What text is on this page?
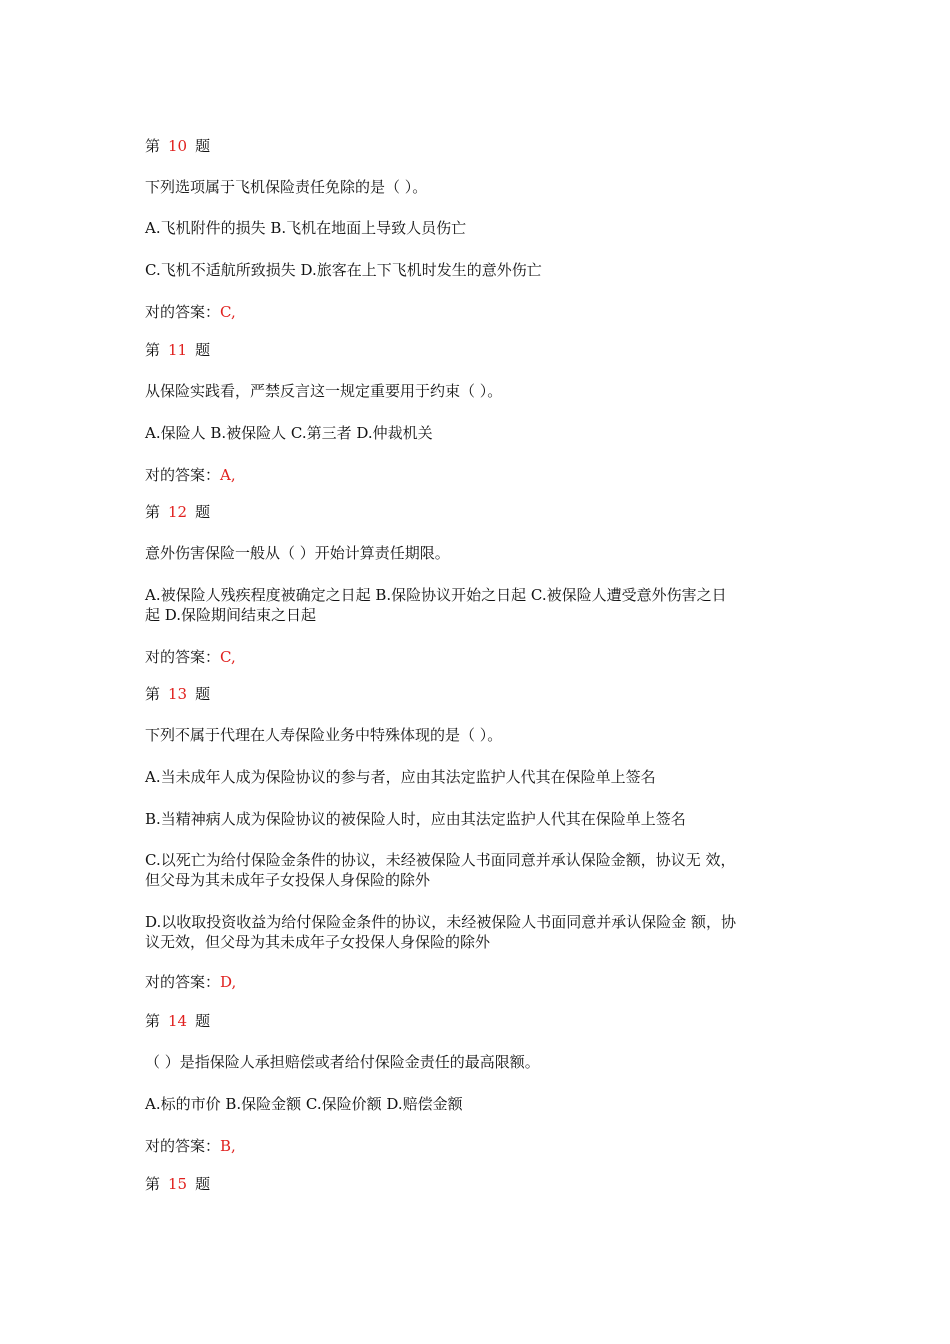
第 10 题
下列选项属于飞机保险责任免除的是（ ）。
A.飞机附件的损失 B.飞机在地面上导致人员伤亡
C.飞机不适航所致损失 D.旅客在上下飞机时发生的意外伤亡
对的答案：C,
第 11 题
从保险实践看，严禁反言这一规定重要用于约束（ ）。
A.保险人 B.被保险人 C.第三者 D.仲裁机关
对的答案：A,
第 12 题
意外伤害保险一般从（ ）开始计算责任期限。
A.被保险人残疾程度被确定之日起 B.保险协议开始之日起 C.被保险人遭受意外伤害之日
起 D.保险期间结束之日起
对的答案：C,
第 13 题
下列不属于代理在人寿保险业务中特殊体现的是（ ）。
A.当未成年人成为保险协议的参与者，应由其法定监护人代其在保险单上签名
B.当精神病人成为保险协议的被保险人时，应由其法定监护人代其在保险单上签名
C.以死亡为给付保险金条件的协议，未经被保险人书面同意并承认保险金额，协议无 效，
但父母为其未成年子女投保人身保险的除外
D.以收取投资收益为给付保险金条件的协议，未经被保险人书面同意并承认保险金 额，协
议无效，但父母为其未成年子女投保人身保险的除外
对的答案：D,
第 14 题
（ ）是指保险人承担赔偿或者给付保险金责任的最高限额。
A.标的市价 B.保险金额 C.保险价额 D.赔偿金额
对的答案：B,
第 15 题
